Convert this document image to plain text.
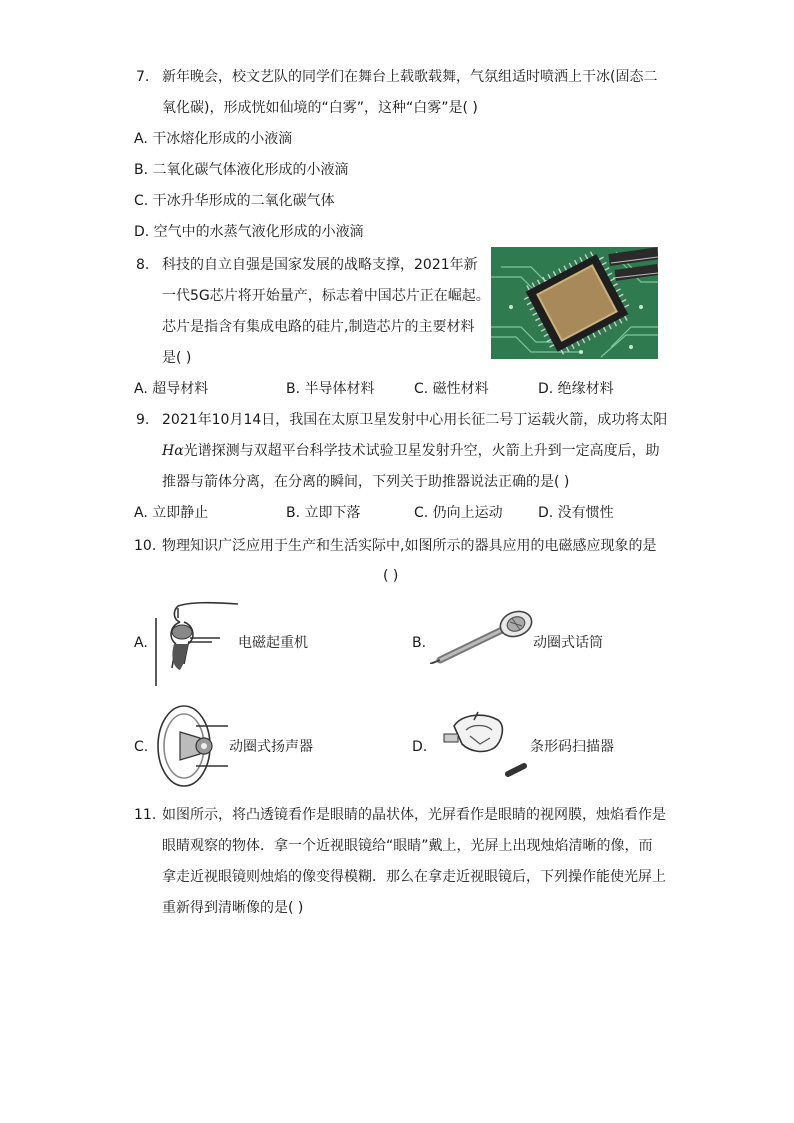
7. 新年晚会，校文艺队的同学们在舞台上载歌载舞，气氛组适时喷洒上干冰(固态二
氧化碳)，形成恍如仙境的“白雾”，这种“白雾”是( )
A. 干冰熔化形成的小液滴
B. 二氧化碳气体液化形成的小液滴
C. 干冰升华形成的二氧化碳气体
D. 空气中的水蒸气液化形成的小液滴
8. 科技的自立自强是国家发展的战略支撑，2021年新
一代5G芯片将开始量产，标志着中国芯片正在崛起。
芯片是指含有集成电路的硅片,制造芯片的主要材料
是( )
A. 超导材料	B. 半导体材料	C. 磁性材料	D. 绝缘材料
9. 2021年10月14日，我国在太原卫星发射中心用长征二号丁运载火箭，成功将太阳
Hα光谱探测与双超平台科学技术试验卫星发射升空，火箭上升到一定高度后，助
推器与箭体分离，在分离的瞬间，下列关于助推器说法正确的是( )
A. 立即静止	B. 立即下落	C. 仍向上运动	D. 没有惯性
10. 物理知识广泛应用于生产和生活实际中,如图所示的器具应用的电磁感应现象的是
( )
A.	电磁起重机	B.	动圈式话筒
C.	动圈式扬声器	D.	条形码扫描器
11. 如图所示，将凸透镜看作是眼睛的晶状体，光屏看作是眼睛的视网膜，烛焰看作是
眼睛观察的物体．拿一个近视眼镜给“眼睛”戴上，光屏上出现烛焰清晰的像，而
拿走近视眼镜则烛焰的像变得模糊．那么在拿走近视眼镜后，下列操作能使光屏上
重新得到清晰像的是( )
